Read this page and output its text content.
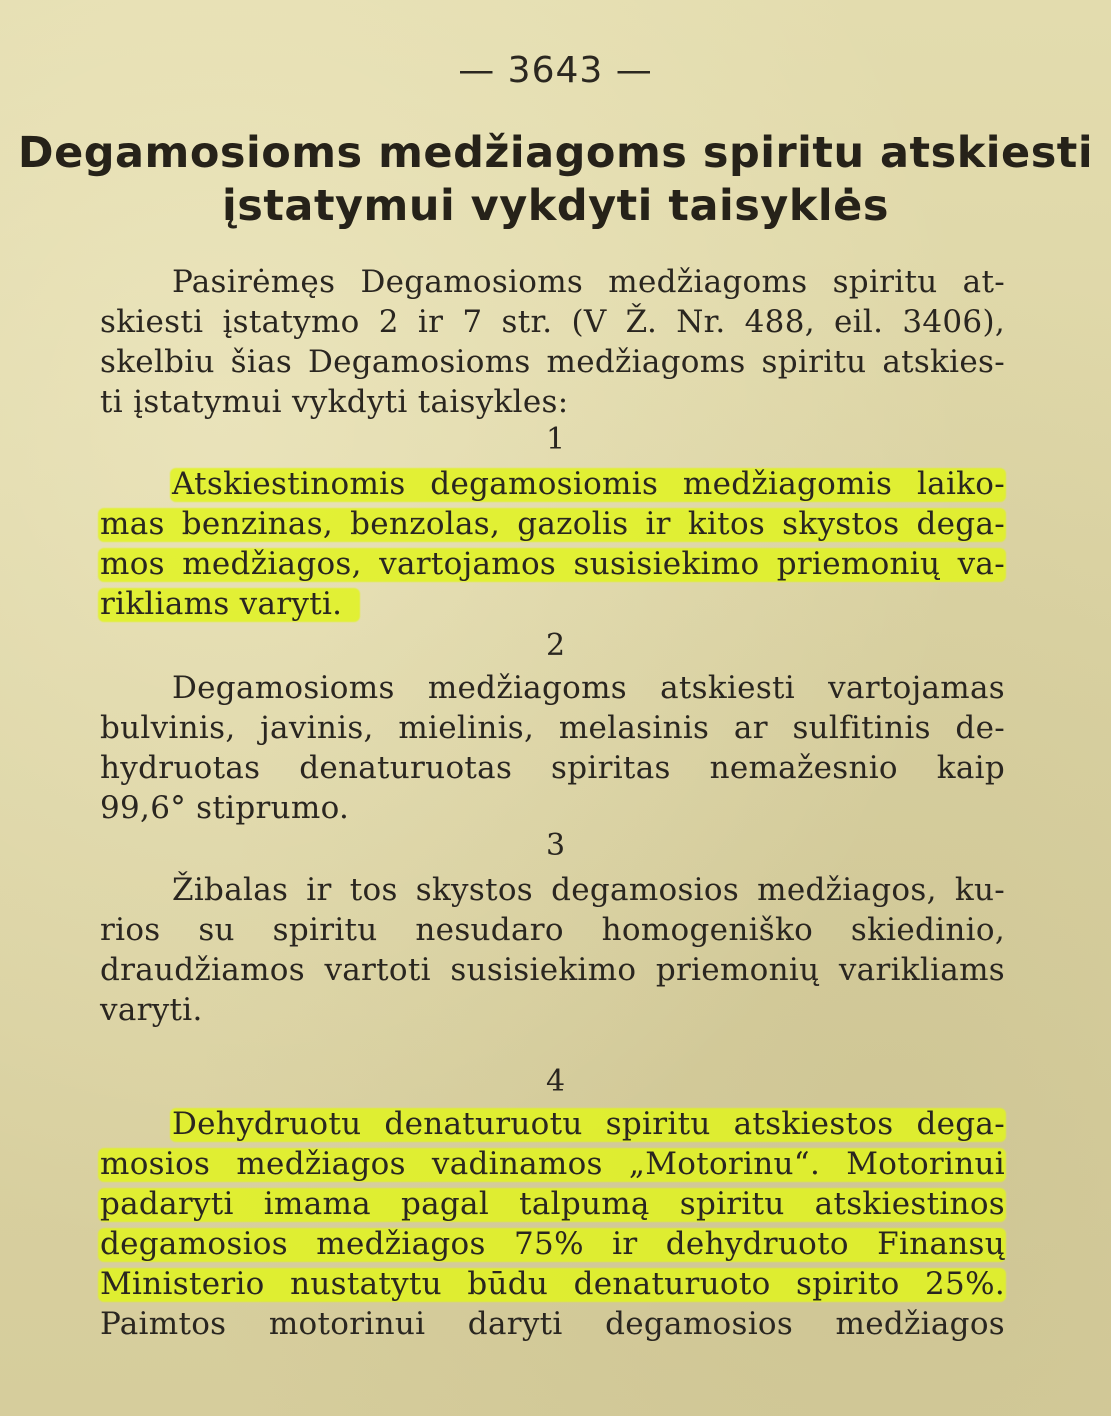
— 3643 —
Degamosioms medžiagoms spiritu atskiesti
įstatymui vykdyti taisyklės
Pasirėmęs Degamosioms medžiagoms spiritu at-
skiesti įstatymo 2 ir 7 str. (V Ž. Nr. 488, eil. 3406),
skelbiu šias Degamosioms medžiagoms spiritu atskies-
ti įstatymui vykdyti taisykles:
1
Atskiestinomis degamosiomis medžiagomis laiko-
mas benzinas, benzolas, gazolis ir kitos skystos dega-
mos medžiagos, vartojamos susisiekimo priemonių va-
rikliams varyti.
2
Degamosioms medžiagoms atskiesti vartojamas
bulvinis, javinis, mielinis, melasinis ar sulfitinis de-
hydruotas denaturuotas spiritas nemažesnio kaip
99,6° stiprumo.
3
Žibalas ir tos skystos degamosios medžiagos, ku-
rios su spiritu nesudaro homogeniško skiedinio,
draudžiamos vartoti susisiekimo priemonių varikliams
varyti.
4
Dehydruotu denaturuotu spiritu atskiestos dega-
mosios medžiagos vadinamos „Motorinu“. Motorinui
padaryti imama pagal talpumą spiritu atskiestinos
degamosios medžiagos 75% ir dehydruoto Finansų
Ministerio nustatytu būdu denaturuoto spirito 25%.
Paimtos motorinui daryti degamosios medžiagos
